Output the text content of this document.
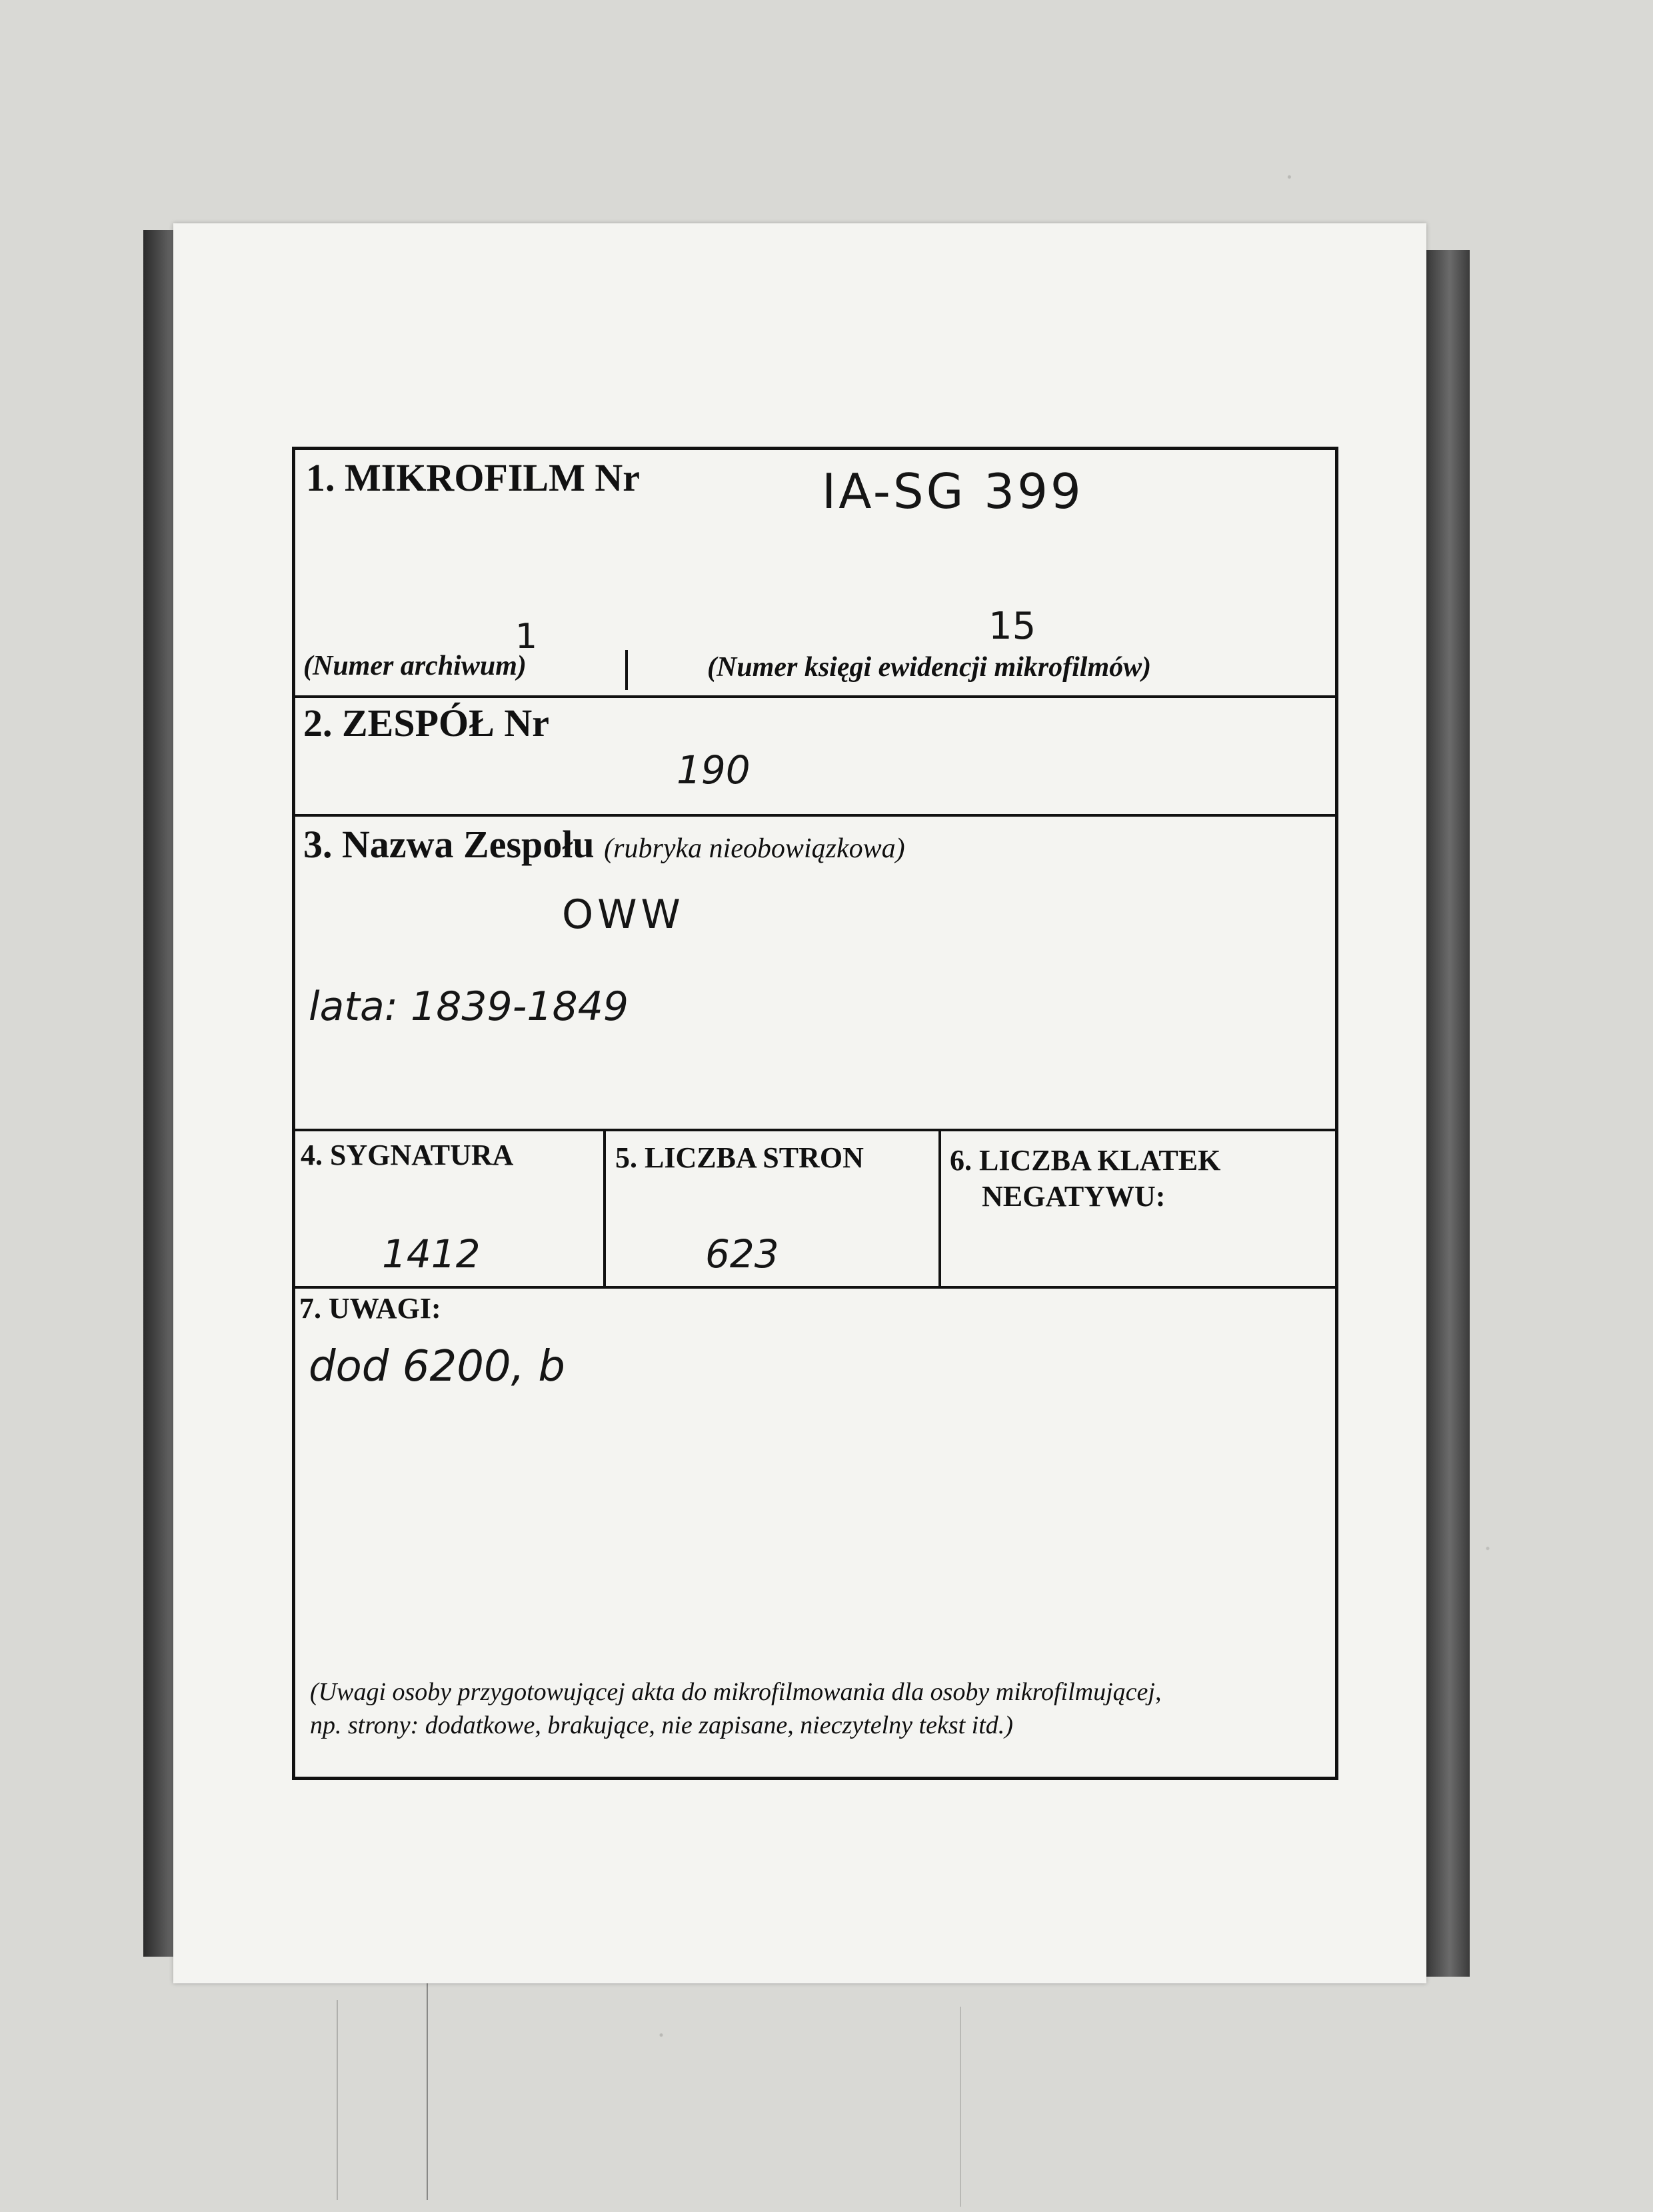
1. MIKROFILM Nr	IA-SG 399
1	15
(Numer archiwum)	(Numer księgi ewidencji mikrofilmów)
2. ZESPÓŁ Nr
190
3. Nazwa Zespołu (rubryka nieobowiązkowa)
OWW
lata: 1839-1849
4. SYGNATURA
1412
5. LICZBA STRON
623
6. LICZBA KLATEK
NEGATYWU:
7. UWAGI:
dod 6200, b
(Uwagi osoby przygotowującej akta do mikrofilmowania dla osoby mikrofilmującej,
np. strony: dodatkowe, brakujące, nie zapisane, nieczytelny tekst itd.)
